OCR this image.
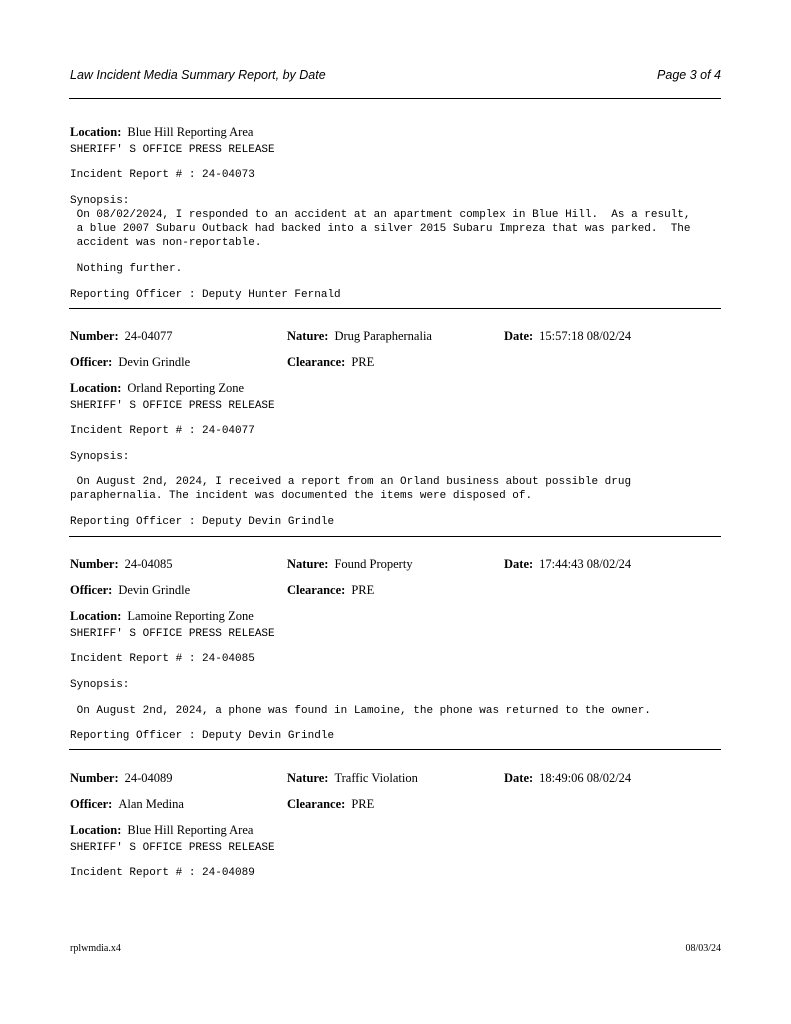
Law Incident Media Summary Report, by Date	Page 3 of 4
Location: Blue Hill Reporting Area
SHERIFF' S OFFICE PRESS RELEASE
Incident Report # : 24-04073
Synopsis:
On 08/02/2024, I responded to an accident at an apartment complex in Blue Hill.  As a result,
a blue 2007 Subaru Outback had backed into a silver 2015 Subaru Impreza that was parked.  The
accident was non-reportable.
Nothing further.
Reporting Officer : Deputy Hunter Fernald
Number: 24-04077	Nature: Drug Paraphernalia	Date: 15:57:18 08/02/24
Officer: Devin Grindle	Clearance: PRE
Location: Orland Reporting Zone
SHERIFF' S OFFICE PRESS RELEASE
Incident Report # : 24-04077
Synopsis:
On August 2nd, 2024, I received a report from an Orland business about possible drug
paraphernalia. The incident was documented the items were disposed of.
Reporting Officer : Deputy Devin Grindle
Number: 24-04085	Nature: Found Property	Date: 17:44:43 08/02/24
Officer: Devin Grindle	Clearance: PRE
Location: Lamoine Reporting Zone
SHERIFF' S OFFICE PRESS RELEASE
Incident Report # : 24-04085
Synopsis:
On August 2nd, 2024, a phone was found in Lamoine, the phone was returned to the owner.
Reporting Officer : Deputy Devin Grindle
Number: 24-04089	Nature: Traffic Violation	Date: 18:49:06 08/02/24
Officer: Alan Medina	Clearance: PRE
Location: Blue Hill Reporting Area
SHERIFF' S OFFICE PRESS RELEASE
Incident Report # : 24-04089
rplwmdia.x4	08/03/24
